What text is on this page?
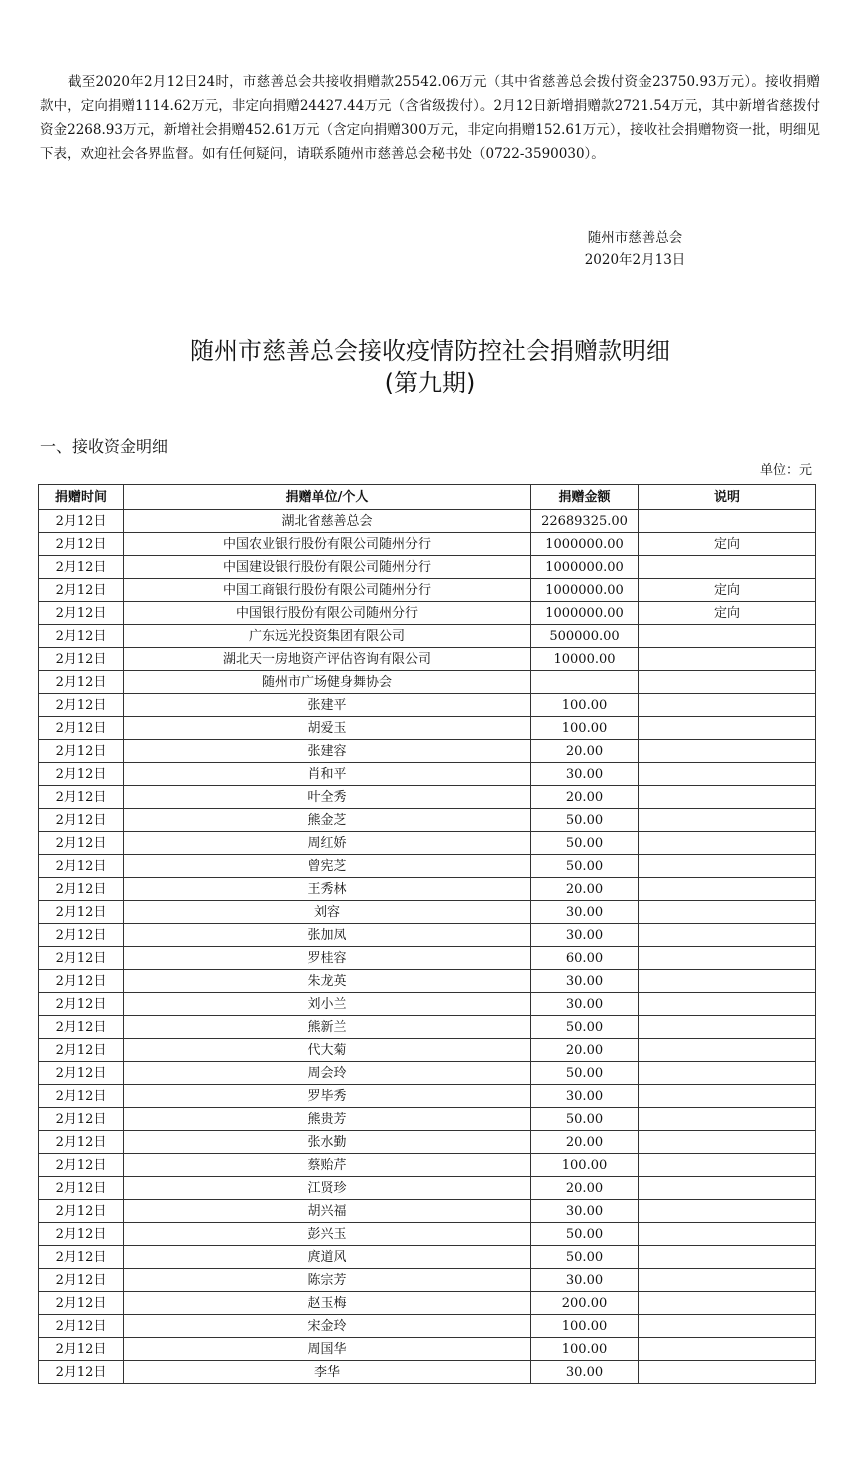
截至2020年2月12日24时，市慈善总会共接收捐赠款25542.06万元（其中省慈善总会拨付资金23750.93万元）。接收捐赠款中，定向捐赠1114.62万元，非定向捐赠24427.44万元（含省级拨付）。2月12日新增捐赠款2721.54万元，其中新增省慈拨付资金2268.93万元，新增社会捐赠452.61万元（含定向捐赠300万元，非定向捐赠152.61万元），接收社会捐赠物资一批，明细见下表，欢迎社会各界监督。如有任何疑问，请联系随州市慈善总会秘书处（0722-3590030）。

随州市慈善总会
2020年2月13日
随州市慈善总会接收疫情防控社会捐赠款明细
(第九期)
一、接收资金明细
单位：元
捐赠时间	捐赠单位/个人	捐赠金额	说明
2月12日	湖北省慈善总会	22689325.00	
2月12日	中国农业银行股份有限公司随州分行	1000000.00	定向
2月12日	中国建设银行股份有限公司随州分行	1000000.00	
2月12日	中国工商银行股份有限公司随州分行	1000000.00	定向
2月12日	中国银行股份有限公司随州分行	1000000.00	定向
2月12日	广东远光投资集团有限公司	500000.00	
2月12日	湖北天一房地资产评估咨询有限公司	10000.00	
2月12日	随州市广场健身舞协会		
2月12日	张建平	100.00	
2月12日	胡爱玉	100.00	
2月12日	张建容	20.00	
2月12日	肖和平	30.00	
2月12日	叶全秀	20.00	
2月12日	熊金芝	50.00	
2月12日	周红娇	50.00	
2月12日	曾宪芝	50.00	
2月12日	王秀林	20.00	
2月12日	刘容	30.00	
2月12日	张加凤	30.00	
2月12日	罗桂容	60.00	
2月12日	朱龙英	30.00	
2月12日	刘小兰	30.00	
2月12日	熊新兰	50.00	
2月12日	代大菊	20.00	
2月12日	周会玲	50.00	
2月12日	罗毕秀	30.00	
2月12日	熊贵芳	50.00	
2月12日	张水勤	20.00	
2月12日	蔡贻芹	100.00	
2月12日	江贤珍	20.00	
2月12日	胡兴福	30.00	
2月12日	彭兴玉	50.00	
2月12日	庹道风	50.00	
2月12日	陈宗芳	30.00	
2月12日	赵玉梅	200.00	
2月12日	宋金玲	100.00	
2月12日	周国华	100.00	
2月12日	李华	30.00	
